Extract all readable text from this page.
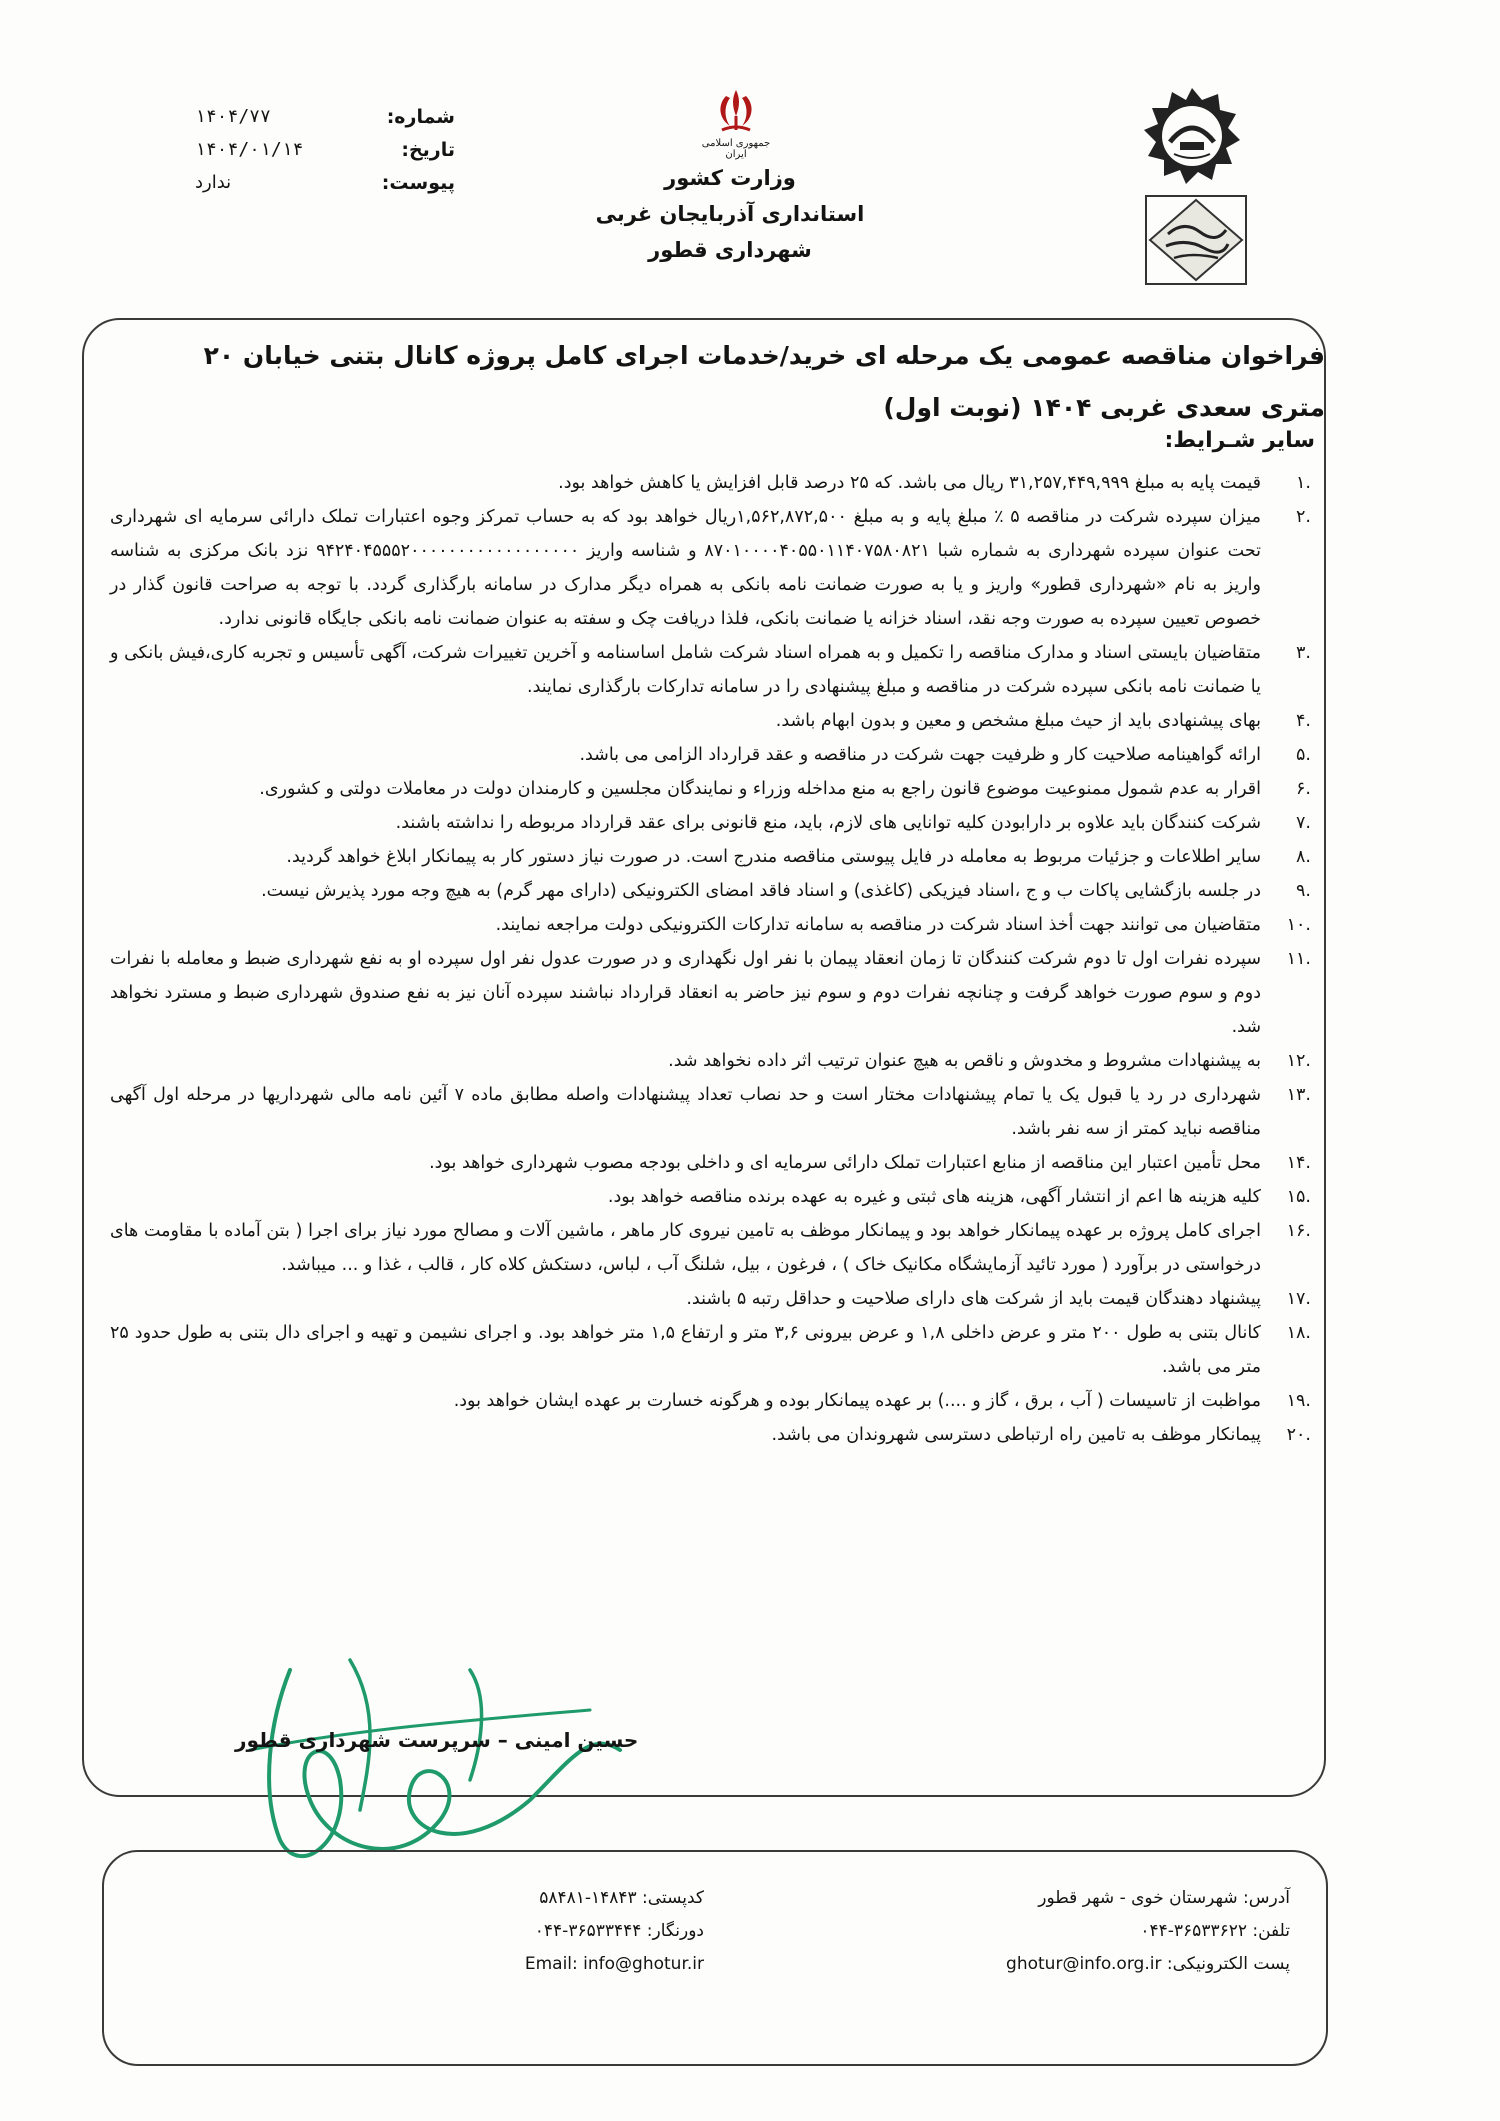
شماره:
۱۴۰۴/۷۷
تاریخ:
۱۴۰۴/۰۱/۱۴
پیوست:
ندارد
جمهوری اسلامی ایران
وزارت کشور
استانداری آذربایجان غربی
شهرداری قطور
فراخوان مناقصه عمومی یک مرحله ای خرید/خدمات اجرای کامل پروژه کانال بتنی خیابان ۲۰ متری سعدی غربی ۱۴۰۴ (نوبت اول)
سایر شـرایط:
.۱
قیمت پایه به مبلغ ۳۱,۲۵۷,۴۴۹,۹۹۹ ریال می باشد. که ۲۵ درصد قابل افزایش یا کاهش خواهد بود.
.۲
میزان سپرده شرکت در مناقصه ۵ ٪ مبلغ پایه و به مبلغ ۱,۵۶۲,۸۷۲,۵۰۰ریال خواهد بود که به حساب تمرکز وجوه اعتبارات تملک دارائی سرمایه ای شهرداری تحت عنوان سپرده شهرداری به شماره شبا ۸۷۰۱۰۰۰۰۴۰۵۵۰۱۱۴۰۷۵۸۰۸۲۱ و شناسه واریز ۹۴۲۴۰۴۵۵۵۲۰۰۰۰۰۰۰۰۰۰۰۰۰۰۰۰۰۰ نزد بانک مرکزی به شناسه واریز به نام «شهرداری قطور» واریز و یا به صورت ضمانت نامه بانکی به همراه دیگر مدارک در سامانه بارگذاری گردد. با توجه به صراحت قانون گذار در خصوص تعیین سپرده به صورت وجه نقد، اسناد خزانه یا ضمانت بانکی، فلذا دریافت چک و سفته به عنوان ضمانت نامه بانکی جایگاه قانونی ندارد.
.۳
متقاضیان بایستی اسناد و مدارک مناقصه را تکمیل و به همراه اسناد شرکت شامل اساسنامه و آخرین تغییرات شرکت، آگهی تأسیس و تجربه کاری،فیش بانکی و یا ضمانت نامه بانکی سپرده شرکت در مناقصه و مبلغ پیشنهادی را در سامانه تدارکات بارگذاری نمایند.
.۴
بهای پیشنهادی باید از حیث مبلغ مشخص و معین و بدون ابهام باشد.
.۵
ارائه گواهینامه صلاحیت کار و ظرفیت جهت شرکت در مناقصه و عقد قرارداد الزامی می باشد.
.۶
اقرار به عدم شمول ممنوعیت موضوع قانون راجع به منع مداخله وزراء و نمایندگان مجلسین و کارمندان دولت در معاملات دولتی و کشوری.
.۷
شرکت کنندگان باید علاوه بر دارابودن کلیه توانایی های لازم، باید، منع قانونی برای عقد قرارداد مربوطه را نداشته باشند.
.۸
سایر اطلاعات و جزئیات مربوط به معامله در فایل پیوستی مناقصه مندرج است. در صورت نیاز دستور کار به پیمانکار ابلاغ خواهد گردید.
.۹
در جلسه بازگشایی پاکات ب و ج ،اسناد فیزیکی (کاغذی) و اسناد فاقد امضای الکترونیکی (دارای مهر گرم) به هیچ وجه مورد پذیرش نیست.
.۱۰
متقاضیان می توانند جهت أخذ اسناد شرکت در مناقصه به سامانه تدارکات الکترونیکی دولت مراجعه نمایند.
.۱۱
سپرده نفرات اول تا دوم شرکت کنندگان تا زمان انعقاد پیمان با نفر اول نگهداری و در صورت عدول نفر اول سپرده او به نفع شهرداری ضبط و معامله با نفرات دوم و سوم صورت خواهد گرفت و چنانچه نفرات دوم و سوم نیز حاضر به انعقاد قرارداد نباشند سپرده آنان نیز به نفع صندوق شهرداری ضبط و مسترد نخواهد شد.
.۱۲
به پیشنهادات مشروط و مخدوش و ناقص به هیچ عنوان ترتیب اثر داده نخواهد شد.
.۱۳
شهرداری در رد یا قبول یک یا تمام پیشنهادات مختار است و حد نصاب تعداد پیشنهادات واصله مطابق ماده ۷ آئین نامه مالی شهرداریها در مرحله اول آگهی مناقصه نباید کمتر از سه نفر باشد.
.۱۴
محل تأمین اعتبار این مناقصه از منابع اعتبارات تملک دارائی سرمایه ای و داخلی بودجه مصوب شهرداری خواهد بود.
.۱۵
کلیه هزینه ها اعم از انتشار آگهی، هزینه های ثبتی و غیره به عهده برنده مناقصه خواهد بود.
.۱۶
اجرای کامل پروژه بر عهده پیمانکار خواهد بود و پیمانکار موظف به تامین نیروی کار ماهر ، ماشین آلات و مصالح مورد نیاز برای اجرا ( بتن آماده با مقاومت های درخواستی در برآورد ( مورد تائید آزمایشگاه مکانیک خاک ) ، فرغون ، بیل، شلنگ آب ، لباس، دستکش کلاه کار ، قالب ، غذا و ... میباشد.
.۱۷
پیشنهاد دهندگان قیمت باید از شرکت های دارای صلاحیت و حداقل رتبه ۵ باشند.
.۱۸
کانال بتنی به طول ۲۰۰ متر و عرض داخلی ۱,۸ و عرض بیرونی ۳,۶ متر و ارتفاع ۱,۵ متر خواهد بود. و اجرای نشیمن و تهیه و اجرای دال بتنی به طول حدود ۲۵ متر می باشد.
.۱۹
مواظبت از تاسیسات ( آب ، برق ، گاز و ....) بر عهده پیمانکار بوده و هرگونه خسارت بر عهده ایشان خواهد بود.
.۲۰
پیمانکار موظف به تامین راه ارتباطی دسترسی شهروندان می باشد.
حسین امینی – سرپرست شهرداری قطور
آدرس: شهرستان خوی - شهر قطور
تلفن: ۳۶۵۳۳۶۲۲-۰۴۴
پست الکترونیکی: ghotur@info.org.ir
کدپستی: ۱۴۸۴۳-۵۸۴۸۱
دورنگار: ۳۶۵۳۳۴۴۴-۰۴۴
Email: info@ghotur.ir
